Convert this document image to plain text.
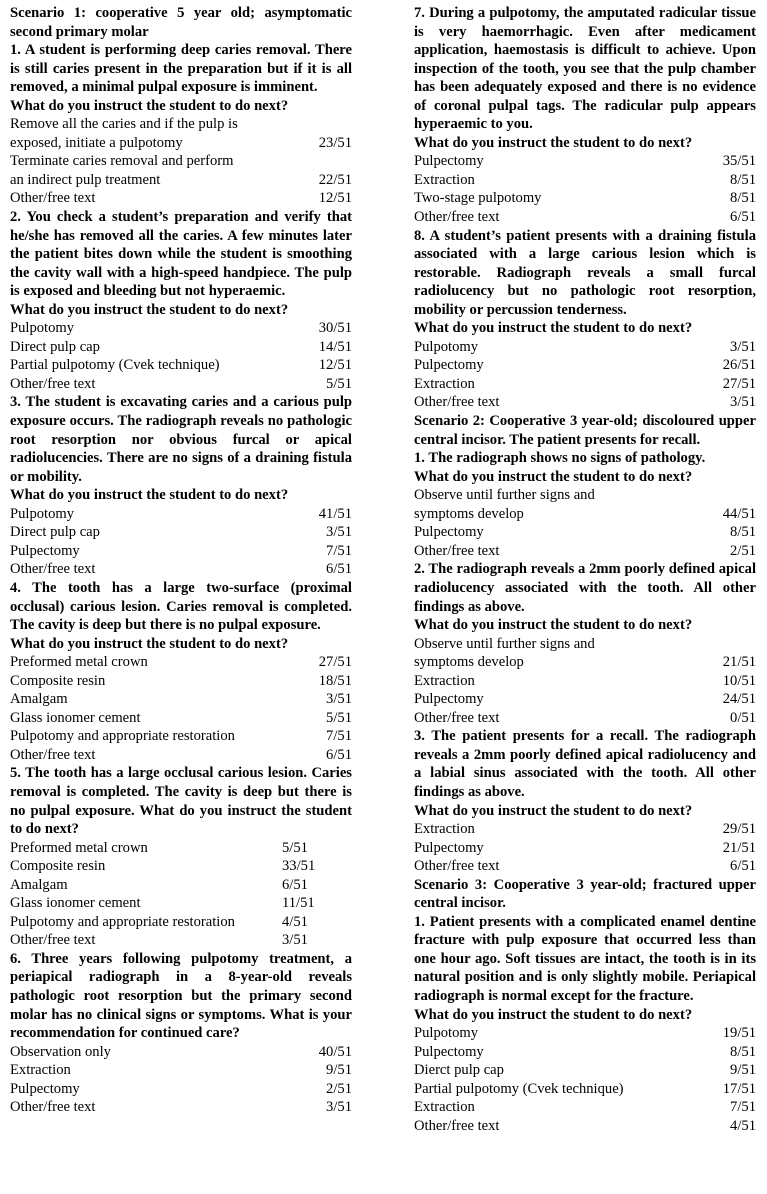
Scenario 1: cooperative 5 year old; asymptomatic second primary molar
1. A student is performing deep caries removal. There is still caries present in the preparation but if it is all removed, a minimal pulpal exposure is imminent.
What do you instruct the student to do next?
Remove all the caries and if the pulp is
exposed, initiate a pulpotomy	23/51
Terminate caries removal and perform
an indirect pulp treatment	22/51
Other/free text	12/51
2. You check a student’s preparation and verify that he/she has removed all the caries. A few minutes later the patient bites down while the student is smoothing the cavity wall with a high-speed handpiece. The pulp is exposed and bleeding but not hyperaemic.
What do you instruct the student to do next?
Pulpotomy	30/51
Direct pulp cap	14/51
Partial pulpotomy (Cvek technique)	12/51
Other/free text	5/51
3. The student is excavating caries and a carious pulp exposure occurs. The radiograph reveals no pathologic root resorption nor obvious furcal or apical radiolucencies. There are no signs of a draining fistula or mobility.
What do you instruct the student to do next?
Pulpotomy	41/51
Direct pulp cap	3/51
Pulpectomy	7/51
Other/free text	6/51
4. The tooth has a large two-surface (proximal occlusal) carious lesion. Caries removal is completed. The cavity is deep but there is no pulpal exposure.
What do you instruct the student to do next?
Preformed metal crown	27/51
Composite resin	18/51
Amalgam	3/51
Glass ionomer cement	5/51
Pulpotomy and appropriate restoration	7/51
Other/free text	6/51
5. The tooth has a large occlusal carious lesion. Caries removal is completed. The cavity is deep but there is no pulpal exposure. What do you instruct the student to do next?
Preformed metal crown	5/51
Composite resin	33/51
Amalgam	6/51
Glass ionomer cement	11/51
Pulpotomy and appropriate restoration	4/51
Other/free text	3/51
6. Three years following pulpotomy treatment, a periapical radiograph in a 8-year-old reveals pathologic root resorption but the primary second molar has no clinical signs or symptoms. What is your recommendation for continued care?
Observation only	40/51
Extraction	9/51
Pulpectomy	2/51
Other/free text	3/51
7. During a pulpotomy, the amputated radicular tissue is very haemorrhagic. Even after medicament application, haemostasis is difficult to achieve. Upon inspection of the tooth, you see that the pulp chamber has been adequately exposed and there is no evidence of coronal pulpal tags. The radicular pulp appears hyperaemic to you.
What do you instruct the student to do next?
Pulpectomy	35/51
Extraction	8/51
Two-stage pulpotomy	8/51
Other/free text	6/51
8. A student’s patient presents with a draining fistula associated with a large carious lesion which is restorable. Radiograph reveals a small furcal radiolucency but no pathologic root resorption, mobility or percussion tenderness.
What do you instruct the student to do next?
Pulpotomy	3/51
Pulpectomy	26/51
Extraction	27/51
Other/free text	3/51
Scenario 2: Cooperative 3 year-old; discoloured upper central incisor. The patient presents for recall.
1. The radiograph shows no signs of pathology.
What do you instruct the student to do next?
Observe until further signs and
symptoms develop	44/51
Pulpectomy	8/51
Other/free text	2/51
2. The radiograph reveals a 2mm poorly defined apical radiolucency associated with the tooth. All other findings as above.
What do you instruct the student to do next?
Observe until further signs and
symptoms develop	21/51
Extraction	10/51
Pulpectomy	24/51
Other/free text	0/51
3. The patient presents for a recall. The radiograph reveals a 2mm poorly defined apical radiolucency and a labial sinus associated with the tooth. All other findings as above.
What do you instruct the student to do next?
Extraction	29/51
Pulpectomy	21/51
Other/free text	6/51
Scenario 3: Cooperative 3 year-old; fractured upper central incisor.
1. Patient presents with a complicated enamel dentine fracture with pulp exposure that occurred less than one hour ago. Soft tissues are intact, the tooth is in its natural position and is only slightly mobile. Periapical radiograph is normal except for the fracture.
What do you instruct the student to do next?
Pulpotomy	19/51
Pulpectomy	8/51
Dierct pulp cap	9/51
Partial pulpotomy (Cvek technique)	17/51
Extraction	7/51
Other/free text	4/51
